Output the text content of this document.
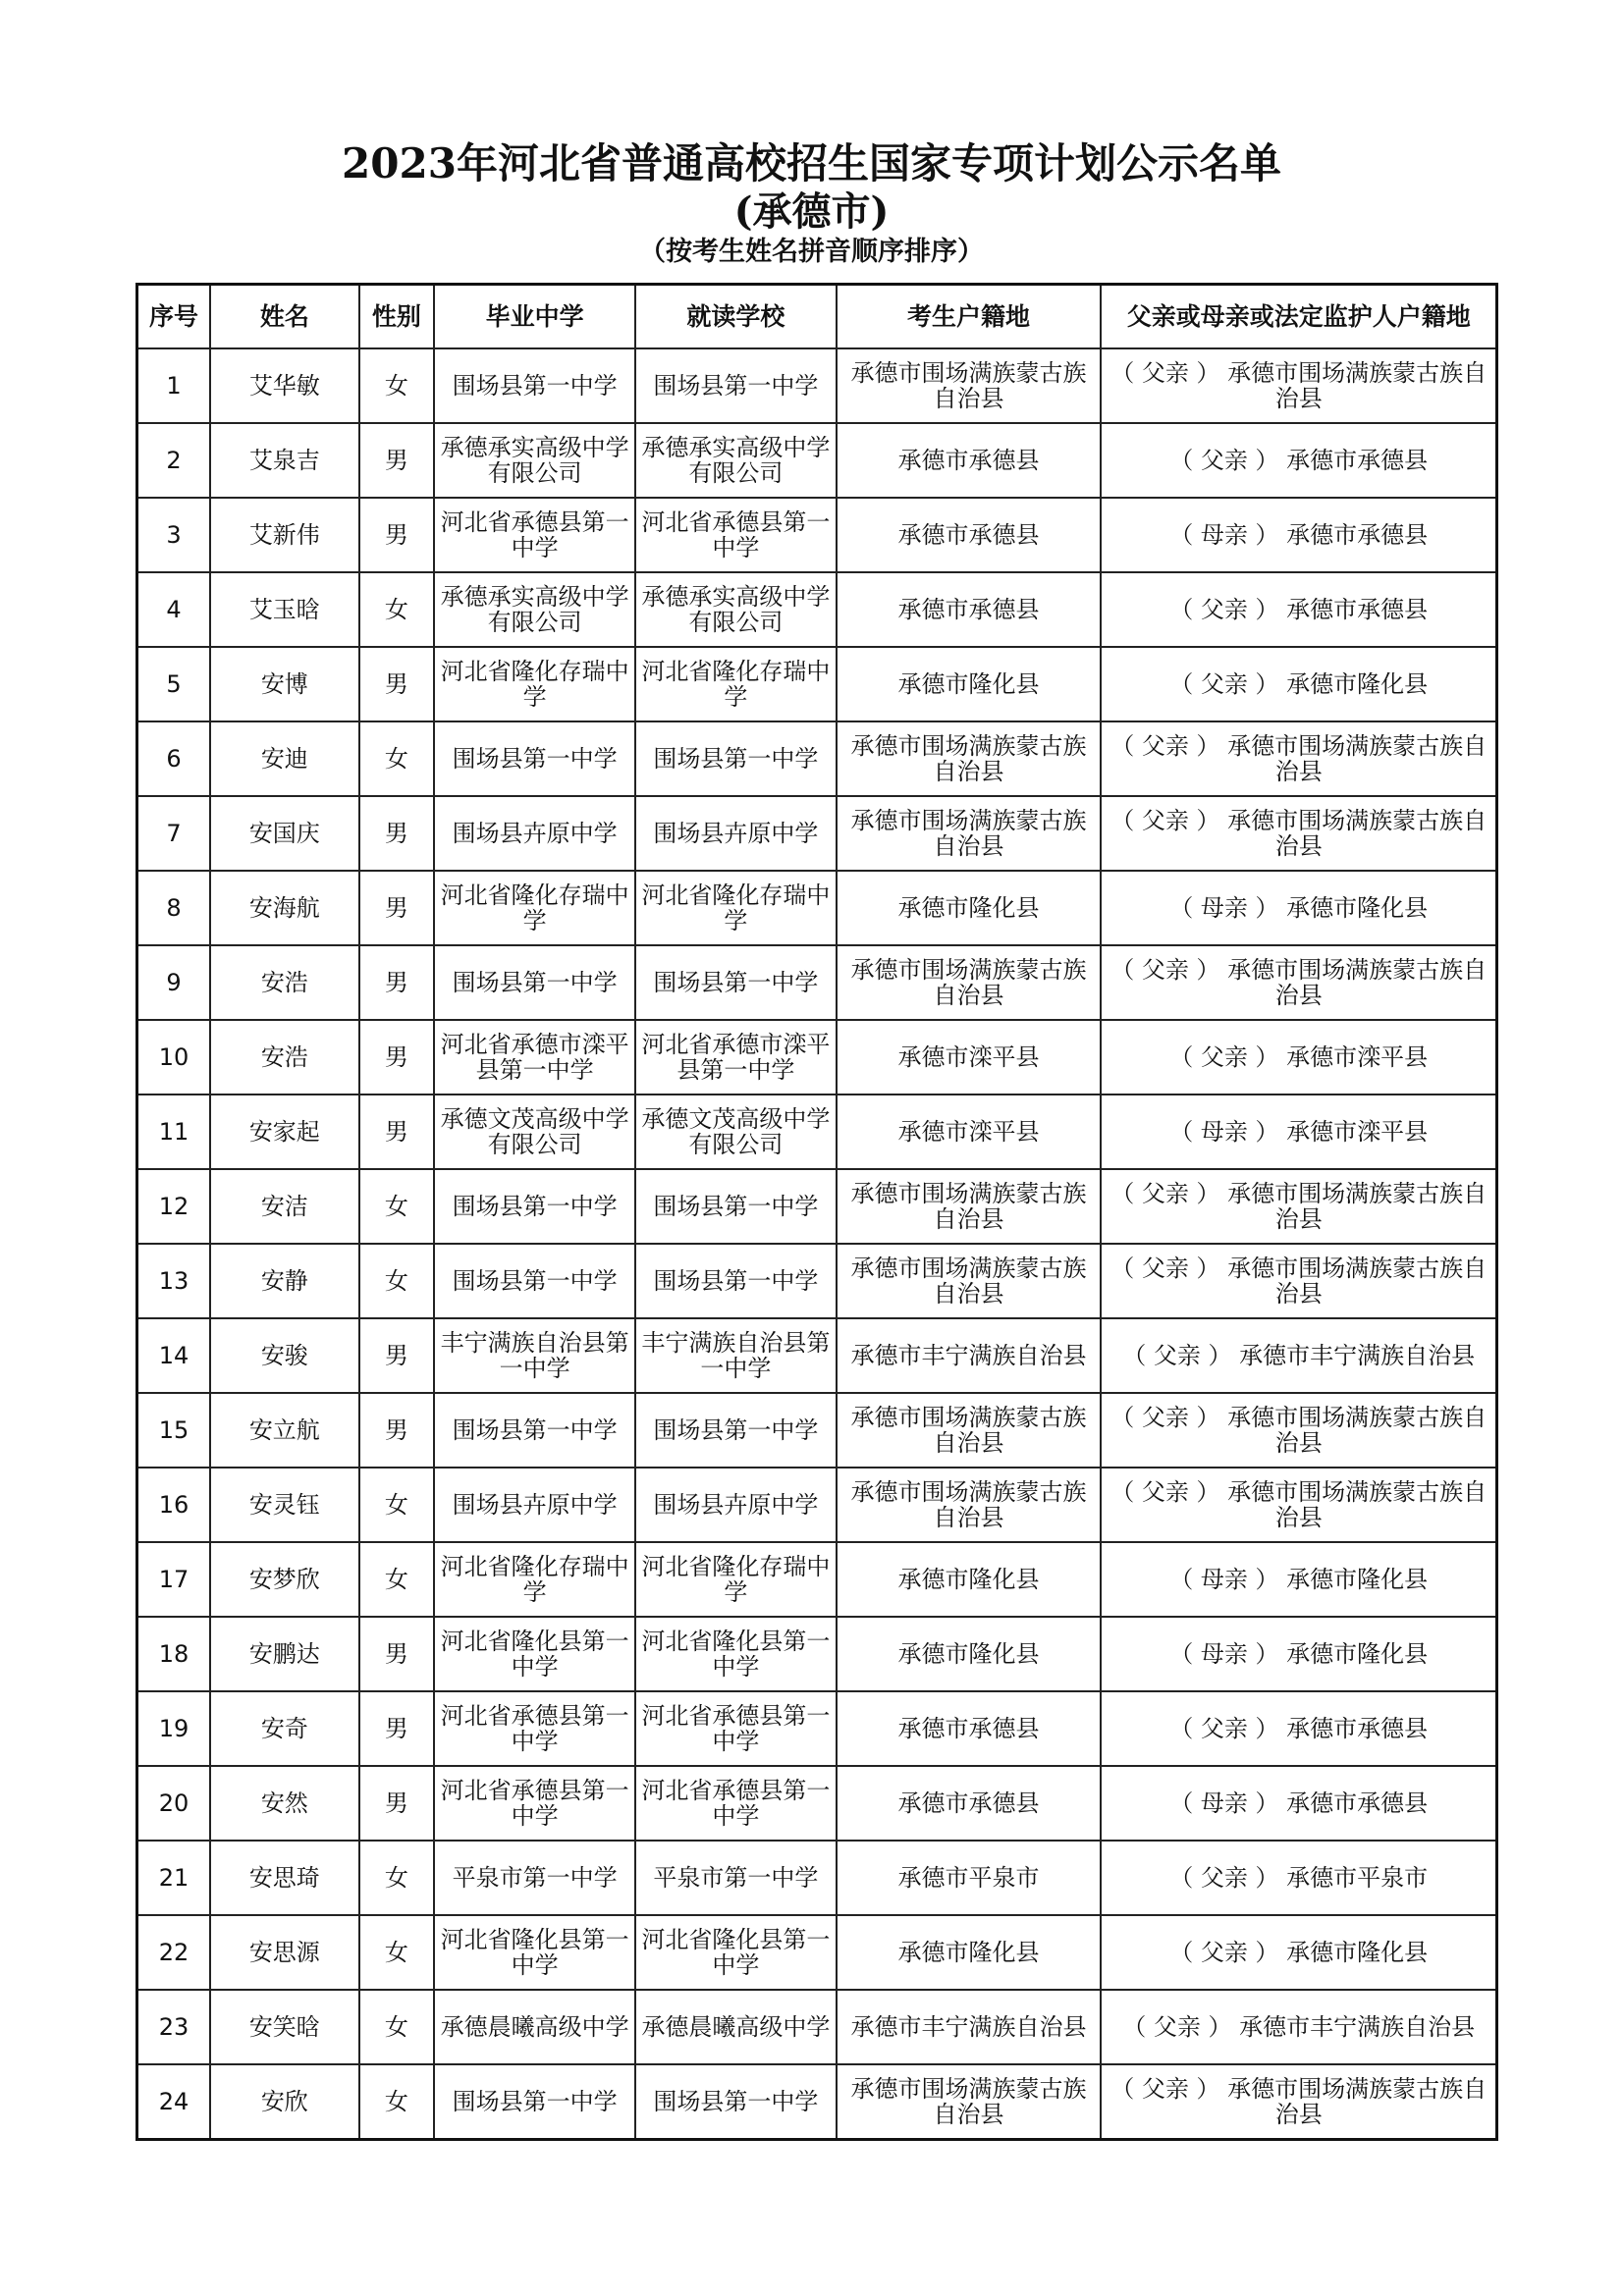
2023年河北省普通高校招生国家专项计划公示名单
(承德市)
（按考生姓名拼音顺序排序）
序号	姓名	性别	毕业中学	就读学校	考生户籍地	父亲或母亲或法定监护人户籍地
1	艾华敏	女	围场县第一中学	围场县第一中学	承德市围场满族蒙古族自治县	（ 父亲 ） 承德市围场满族蒙古族自治县
2	艾泉吉	男	承德承实高级中学有限公司	承德承实高级中学有限公司	承德市承德县	（ 父亲 ） 承德市承德县
3	艾新伟	男	河北省承德县第一中学	河北省承德县第一中学	承德市承德县	（ 母亲 ） 承德市承德县
4	艾玉晗	女	承德承实高级中学有限公司	承德承实高级中学有限公司	承德市承德县	（ 父亲 ） 承德市承德县
5	安博	男	河北省隆化存瑞中学	河北省隆化存瑞中学	承德市隆化县	（ 父亲 ） 承德市隆化县
6	安迪	女	围场县第一中学	围场县第一中学	承德市围场满族蒙古族自治县	（ 父亲 ） 承德市围场满族蒙古族自治县
7	安国庆	男	围场县卉原中学	围场县卉原中学	承德市围场满族蒙古族自治县	（ 父亲 ） 承德市围场满族蒙古族自治县
8	安海航	男	河北省隆化存瑞中学	河北省隆化存瑞中学	承德市隆化县	（ 母亲 ） 承德市隆化县
9	安浩	男	围场县第一中学	围场县第一中学	承德市围场满族蒙古族自治县	（ 父亲 ） 承德市围场满族蒙古族自治县
10	安浩	男	河北省承德市滦平县第一中学	河北省承德市滦平县第一中学	承德市滦平县	（ 父亲 ） 承德市滦平县
11	安家起	男	承德文茂高级中学有限公司	承德文茂高级中学有限公司	承德市滦平县	（ 母亲 ） 承德市滦平县
12	安洁	女	围场县第一中学	围场县第一中学	承德市围场满族蒙古族自治县	（ 父亲 ） 承德市围场满族蒙古族自治县
13	安静	女	围场县第一中学	围场县第一中学	承德市围场满族蒙古族自治县	（ 父亲 ） 承德市围场满族蒙古族自治县
14	安骏	男	丰宁满族自治县第一中学	丰宁满族自治县第一中学	承德市丰宁满族自治县	（ 父亲 ） 承德市丰宁满族自治县
15	安立航	男	围场县第一中学	围场县第一中学	承德市围场满族蒙古族自治县	（ 父亲 ） 承德市围场满族蒙古族自治县
16	安灵钰	女	围场县卉原中学	围场县卉原中学	承德市围场满族蒙古族自治县	（ 父亲 ） 承德市围场满族蒙古族自治县
17	安梦欣	女	河北省隆化存瑞中学	河北省隆化存瑞中学	承德市隆化县	（ 母亲 ） 承德市隆化县
18	安鹏达	男	河北省隆化县第一中学	河北省隆化县第一中学	承德市隆化县	（ 母亲 ） 承德市隆化县
19	安奇	男	河北省承德县第一中学	河北省承德县第一中学	承德市承德县	（ 父亲 ） 承德市承德县
20	安然	男	河北省承德县第一中学	河北省承德县第一中学	承德市承德县	（ 母亲 ） 承德市承德县
21	安思琦	女	平泉市第一中学	平泉市第一中学	承德市平泉市	（ 父亲 ） 承德市平泉市
22	安思源	女	河北省隆化县第一中学	河北省隆化县第一中学	承德市隆化县	（ 父亲 ） 承德市隆化县
23	安笑晗	女	承德晨曦高级中学	承德晨曦高级中学	承德市丰宁满族自治县	（ 父亲 ） 承德市丰宁满族自治县
24	安欣	女	围场县第一中学	围场县第一中学	承德市围场满族蒙古族自治县	（ 父亲 ） 承德市围场满族蒙古族自治县
